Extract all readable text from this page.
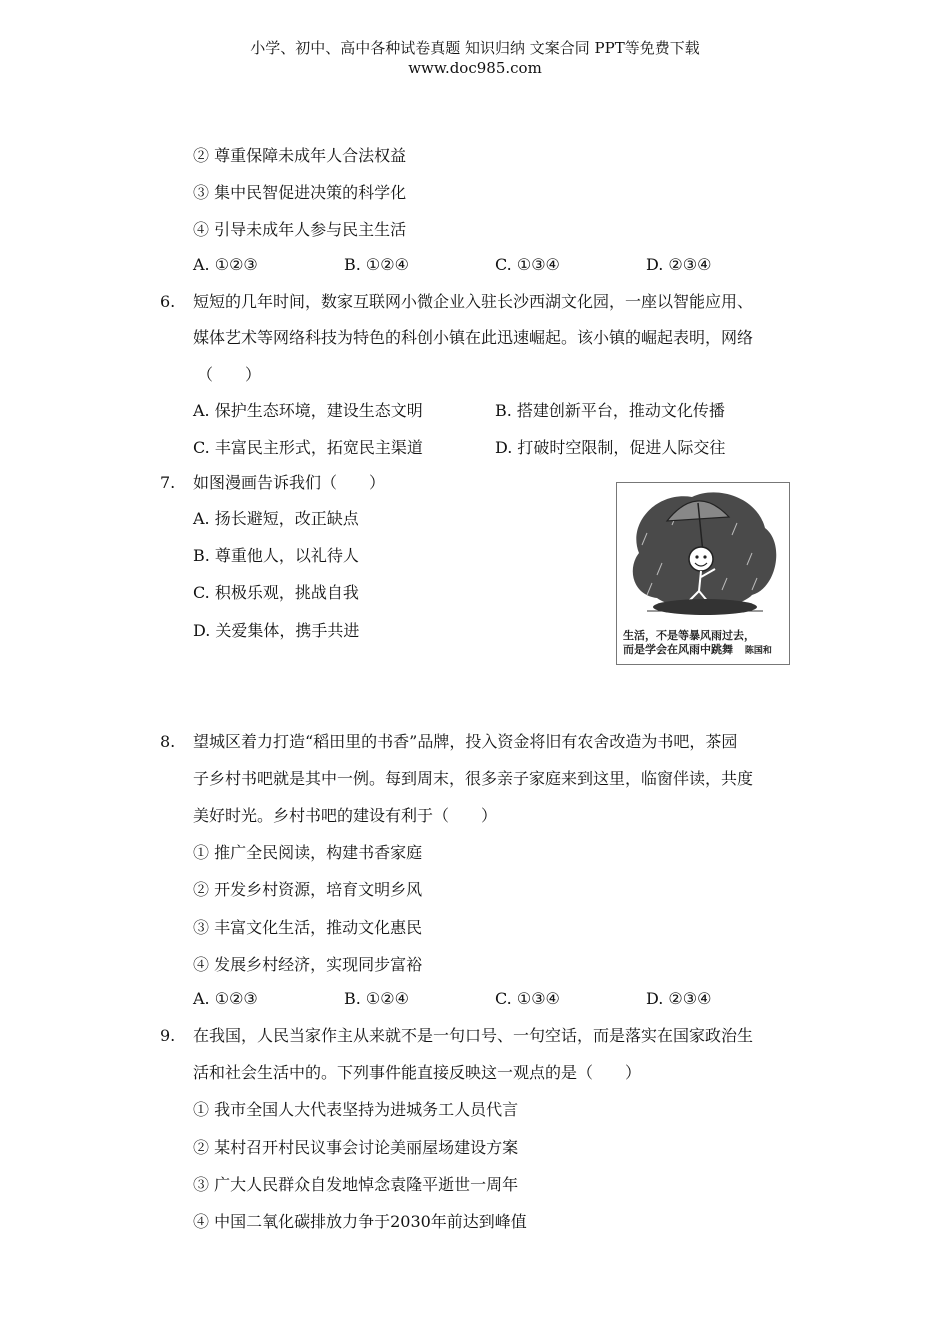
小学、初中、高中各种试卷真题 知识归纳 文案合同 PPT等免费下载
www.doc985.com
② 尊重保障未成年人合法权益
③ 集中民智促进决策的科学化
④ 引导未成年人参与民主生活
A. ①②③	B. ①②④	C. ①③④	D. ②③④
6. 短短的几年时间，数家互联网小微企业入驻长沙西湖文化园，一座以智能应用、
媒体艺术等网络科技为特色的科创小镇在此迅速崛起。该小镇的崛起表明，网络
（　　）
A. 保护生态环境，建设生态文明	B. 搭建创新平台，推动文化传播
C. 丰富民主形式，拓宽民主渠道	D. 打破时空限制，促进人际交往
7. 如图漫画告诉我们（　　）
A. 扬长避短，改正缺点
B. 尊重他人，以礼待人
C. 积极乐观，挑战自我
D. 关爱集体，携手共进	生活，不是等暴风雨过去，
而是学会在风雨中跳舞 陈国和
8. 望城区着力打造“稻田里的书香”品牌，投入资金将旧有农舍改造为书吧，茶园
子乡村书吧就是其中一例。每到周末，很多亲子家庭来到这里，临窗伴读，共度
美好时光。乡村书吧的建设有利于（　　）
① 推广全民阅读，构建书香家庭
② 开发乡村资源，培育文明乡风
③ 丰富文化生活，推动文化惠民
④ 发展乡村经济，实现同步富裕
A. ①②③	B. ①②④	C. ①③④	D. ②③④
9. 在我国，人民当家作主从来就不是一句口号、一句空话，而是落实在国家政治生
活和社会生活中的。下列事件能直接反映这一观点的是（　　）
① 我市全国人大代表坚持为进城务工人员代言
② 某村召开村民议事会讨论美丽屋场建设方案
③ 广大人民群众自发地悼念袁隆平逝世一周年
④ 中国二氧化碳排放力争于2030年前达到峰值
